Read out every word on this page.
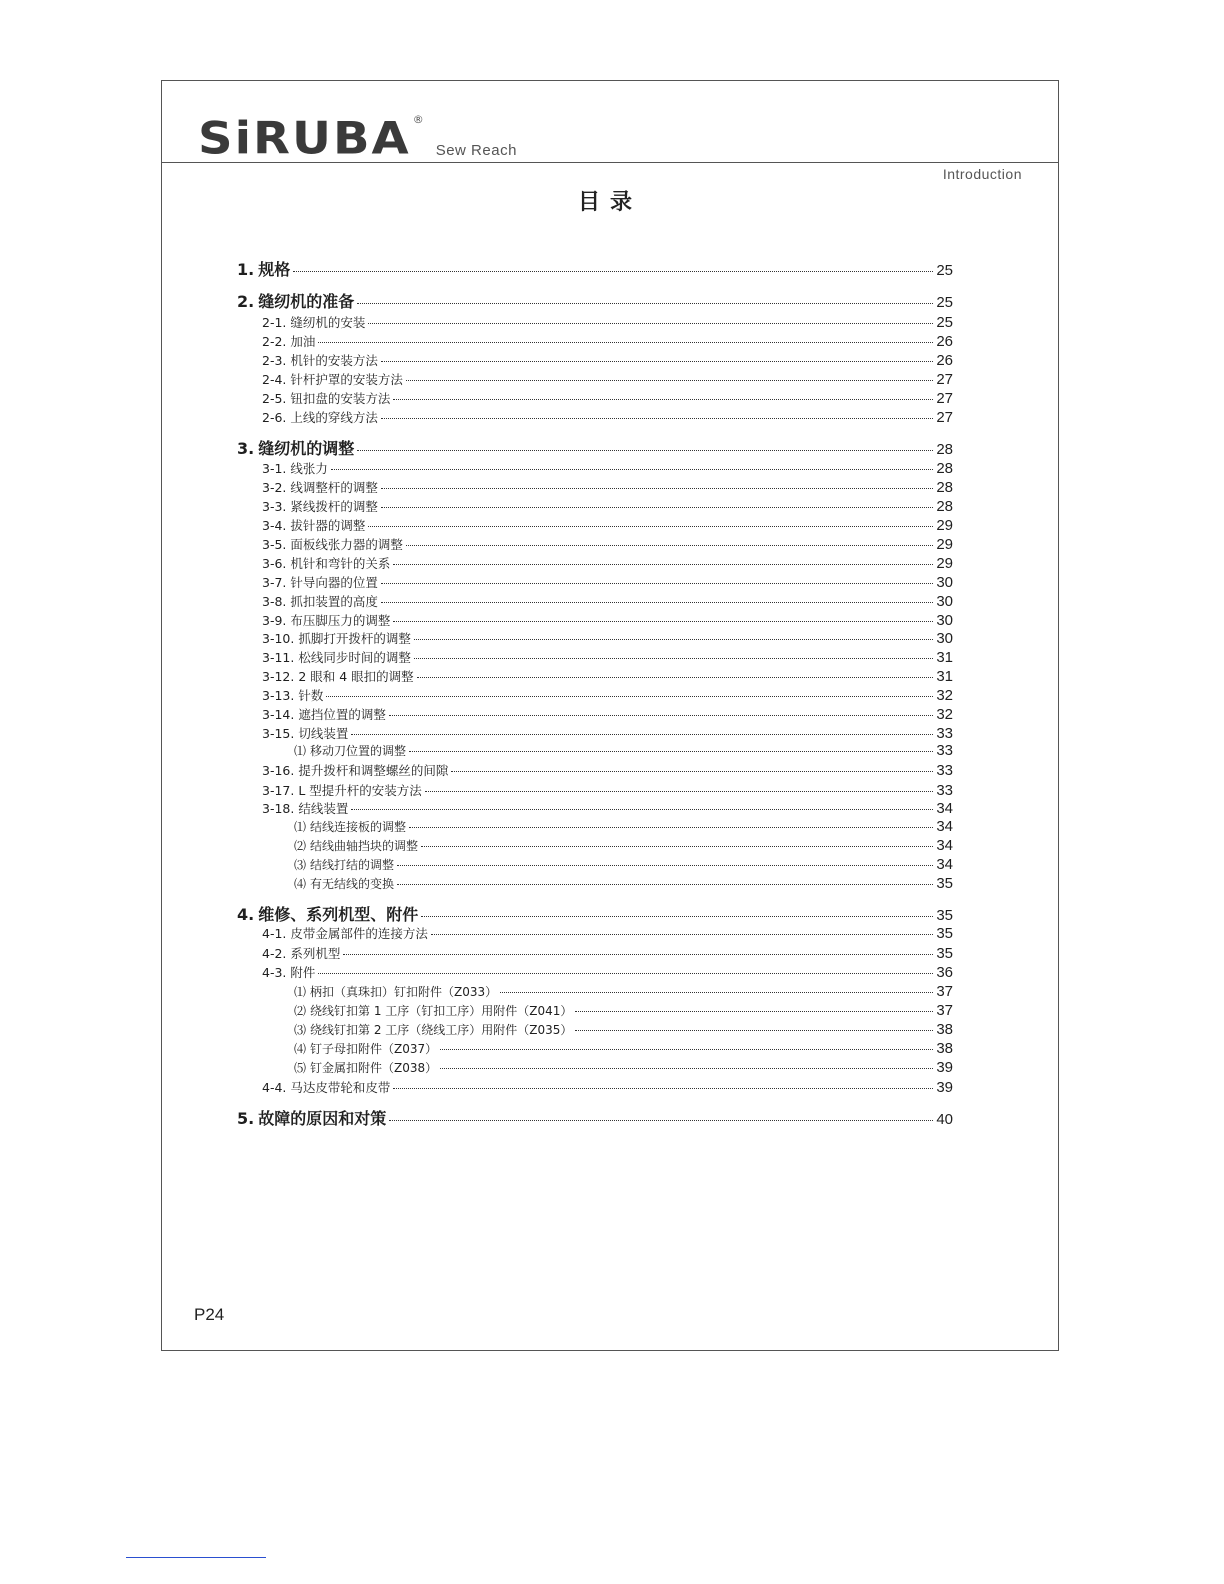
SiRUBA ®
Sew Reach
Introduction
目录
1. 规格	25
2. 缝纫机的准备	25
2-1. 缝纫机的安装	25
2-2. 加油	26
2-3. 机针的安装方法	26
2-4. 针杆护罩的安装方法	27
2-5. 钮扣盘的安装方法	27
2-6. 上线的穿线方法	27
3. 缝纫机的调整	28
3-1. 线张力	28
3-2. 线调整杆的调整	28
3-3. 紧线拨杆的调整	28
3-4. 拔针器的调整	29
3-5. 面板线张力器的调整	29
3-6. 机针和弯针的关系	29
3-7. 针导向器的位置	30
3-8. 抓扣装置的高度	30
3-9. 布压脚压力的调整	30
3-10. 抓脚打开拨杆的调整	30
3-11. 松线同步时间的调整	31
3-12. 2 眼和 4 眼扣的调整	31
3-13. 针数	32
3-14. 遮挡位置的调整	32
3-15. 切线装置	33
⑴ 移动刀位置的调整	33
3-16. 提升拨杆和调整螺丝的间隙	33
3-17. L 型提升杆的安装方法	33
3-18. 结线装置	34
⑴ 结线连接板的调整	34
⑵ 结线曲轴挡块的调整	34
⑶ 结线打结的调整	34
⑷ 有无结线的变换	35
4. 维修、系列机型、附件	35
4-1. 皮带金属部件的连接方法	35
4-2. 系列机型	35
4-3. 附件	36
⑴ 柄扣（真珠扣）钉扣附件（Z033）	37
⑵ 绕线钉扣第 1 工序（钉扣工序）用附件（Z041）	37
⑶ 绕线钉扣第 2 工序（绕线工序）用附件（Z035）	38
⑷ 钉子母扣附件（Z037）	38
⑸ 钉金属扣附件（Z038）	39
4-4. 马达皮带轮和皮带	39
5. 故障的原因和对策	40
P24
